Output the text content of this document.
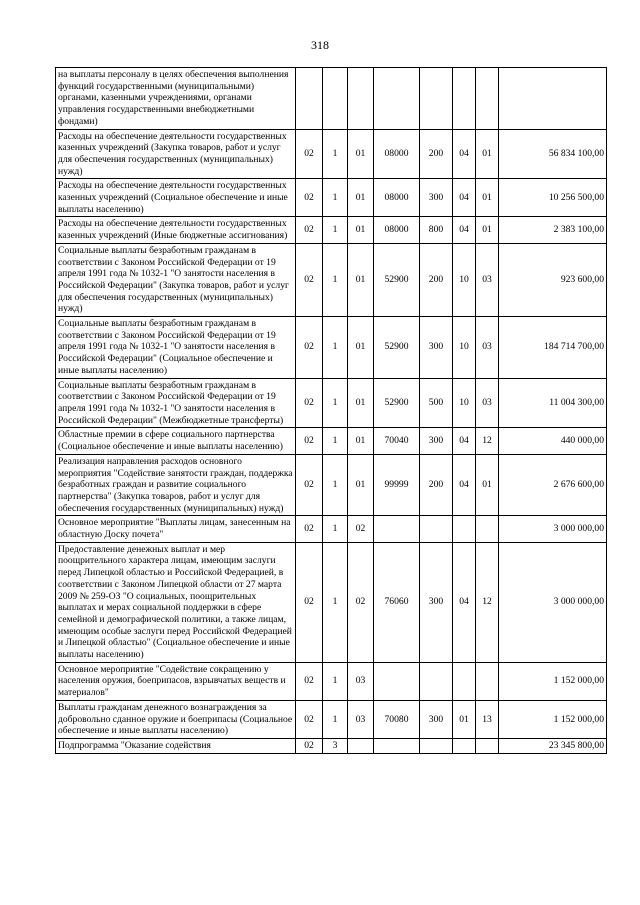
318
на выплаты персоналу в целях обеспечения выполнения функций государственными (муниципальными) органами, казенными учреждениями, органами управления государственными внебюджетными фондами)								
Расходы на обеспечение деятельности государственных казенных учреждений (Закупка товаров, работ и услуг для обеспечения государственных (муниципальных) нужд)	02	1	01	08000	200	04	01	56 834 100,00
Расходы на обеспечение деятельности государственных казенных учреждений (Социальное обеспечение и иные выплаты населению)	02	1	01	08000	300	04	01	10 256 500,00
Расходы на обеспечение деятельности государственных казенных учреждений (Иные бюджетные ассигнования)	02	1	01	08000	800	04	01	2 383 100,00
Социальные выплаты безработным гражданам в соответствии с Законом Российской Федерации от 19 апреля 1991 года № 1032-1 "О занятости населения в Российской Федерации" (Закупка товаров, работ и услуг для обеспечения государственных (муниципальных) нужд)	02	1	01	52900	200	10	03	923 600,00
Социальные выплаты безработным гражданам в соответствии с Законом Российской Федерации от 19 апреля 1991 года № 1032-1 "О занятости населения в Российской Федерации" (Социальное обеспечение и иные выплаты населению)	02	1	01	52900	300	10	03	184 714 700,00
Социальные выплаты безработным гражданам в соответствии с Законом Российской Федерации от 19 апреля 1991 года № 1032-1 "О занятости населения в Российской Федерации" (Межбюджетные трансферты)	02	1	01	52900	500	10	03	11 004 300,00
Областные премии в сфере социального партнерства (Социальное обеспечение и иные выплаты населению)	02	1	01	70040	300	04	12	440 000,00
Реализация направления расходов основного мероприятия "Содействие занятости граждан, поддержка безработных граждан и развитие социального партнерства" (Закупка товаров, работ и услуг для обеспечения государственных (муниципальных) нужд)	02	1	01	99999	200	04	01	2 676 600,00
Основное мероприятие "Выплаты лицам, занесенным на областную Доску почета"	02	1	02					3 000 000,00
Предоставление денежных выплат и мер поощрительного характера лицам, имеющим заслуги перед Липецкой областью и Российской Федерацией, в соответствии с Законом Липецкой области от 27 марта 2009 № 259-ОЗ "О социальных, поощрительных выплатах и мерах социальной поддержки в сфере семейной и демографической политики, а также лицам, имеющим особые заслуги перед Российской Федерацией и Липецкой областью" (Социальное обеспечение и иные выплаты населению)	02	1	02	76060	300	04	12	3 000 000,00
Основное мероприятие "Содействие сокращению у населения оружия, боеприпасов, взрывчатых веществ и материалов"	02	1	03					1 152 000,00
Выплаты гражданам денежного вознаграждения за добровольно сданное оружие и боеприпасы (Социальное обеспечение и иные выплаты населению)	02	1	03	70080	300	01	13	1 152 000,00
Подпрограмма "Оказание содействия	02	3						23 345 800,00
